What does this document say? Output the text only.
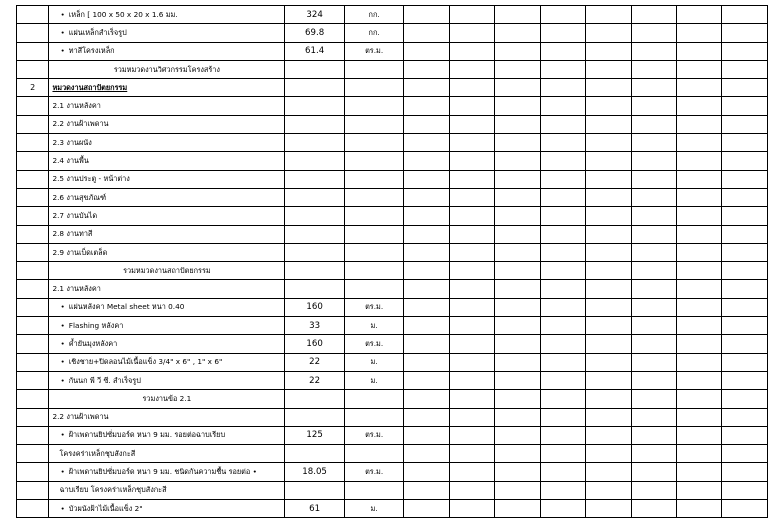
	• เหล็ก [ 100 x 50 x 20 x 1.6 มม.	324	กก.								
	• แผ่นเหล็กสำเร็จรูป	69.8	กก.								
	• ทาสีโครงเหล็ก	61.4	ตร.ม.								
	รวมหมวดงานวิศวกรรมโครงสร้าง										
2	หมวดงานสถาปัตยกรรม										
	2.1 งานหลังคา										
	2.2 งานฝ้าเพดาน										
	2.3 งานผนัง										
	2.4 งานพื้น										
	2.5 งานประตู - หน้าต่าง										
	2.6 งานสุขภัณฑ์										
	2.7 งานบันได										
	2.8 งานทาสี										
	2.9 งานเบ็ดเตล็ด										
	รวมหมวดงานสถาปัตยกรรม										
	2.1 งานหลังคา										
	• แผ่นหลังคา Metal sheet หนา 0.40	160	ตร.ม.								
	• Flashing หลังคา	33	ม.								
	• ค้ำยันมุงหลังคา	160	ตร.ม.								
	• เชิงชาย+ปิดลอนไม้เนื้อแข็ง 3/4" x 6" , 1" x 6"	22	ม.								
	• กันนก พี วี ซี. สำเร็จรูป	22	ม.								
	รวมงานข้อ 2.1										
	2.2 งานฝ้าเพดาน										
	• ฝ้าเพดานยิปซั่มบอร์ด หนา 9 มม. รอยต่อฉาบเรียบ	125	ตร.ม.								
	โครงคร่าเหล็กชุบสังกะสี										
	• ฝ้าเพดานยิปซั่มบอร์ด หนา 9 มม. ชนิดกันความชื้น รอยต่อ •	18.05	ตร.ม.								
	ฉาบเรียบ โครงคร่าเหล็กชุบสังกะสี										
	• บัวผนังฝ้าไม้เนื้อแข็ง 2"	61	ม.								
